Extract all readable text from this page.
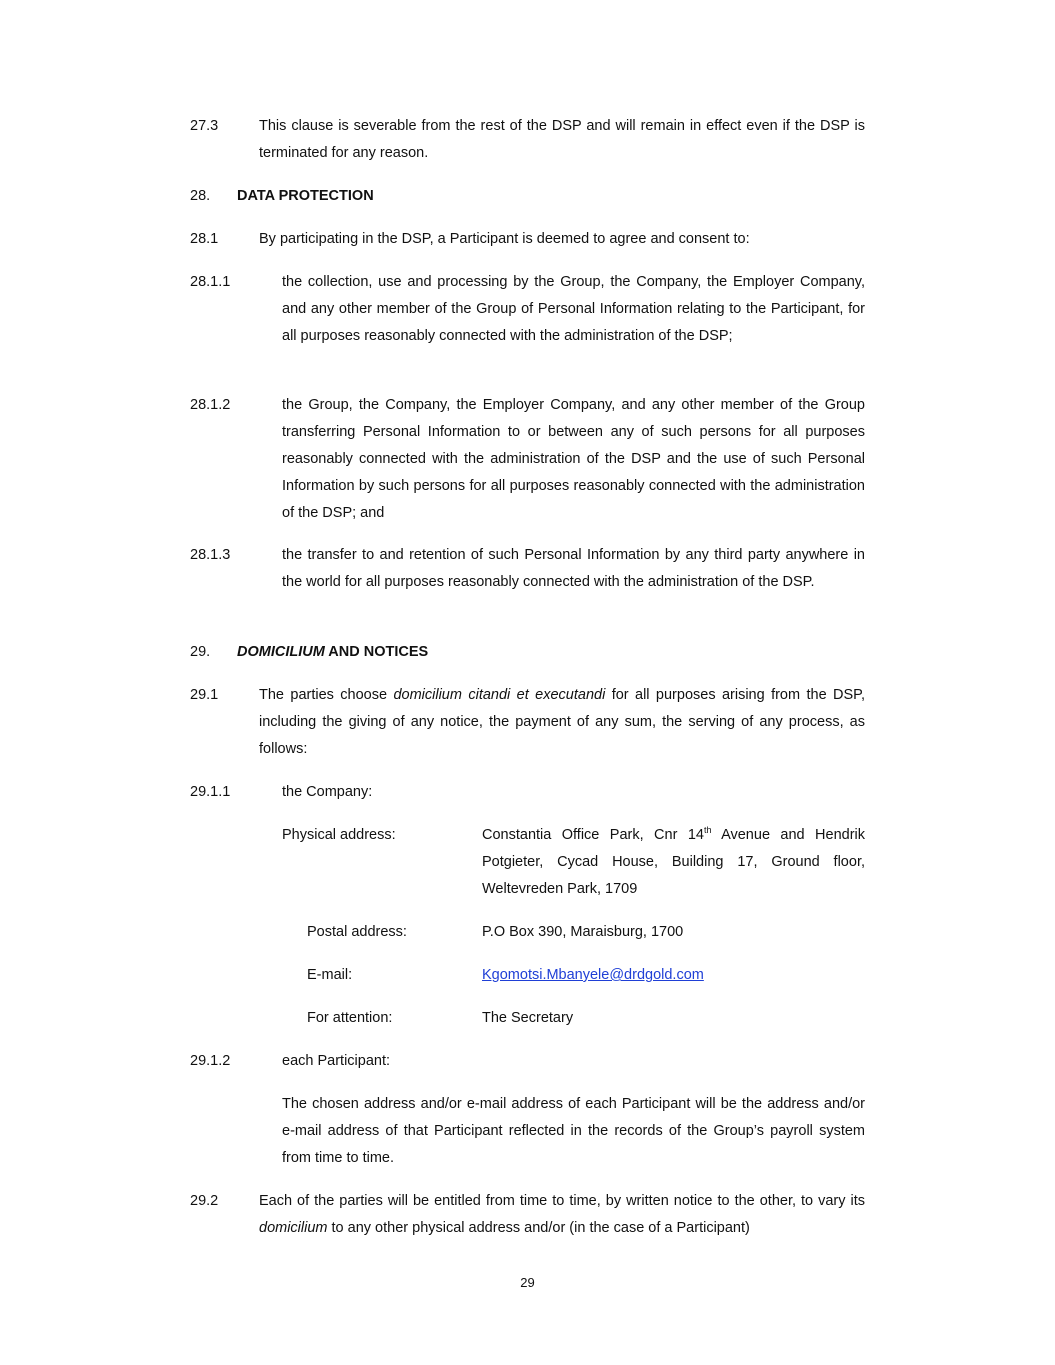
27.3	This clause is severable from the rest of the DSP and will remain in effect even if the DSP is terminated for any reason.
28. DATA PROTECTION
28.1	By participating in the DSP, a Participant is deemed to agree and consent to:
28.1.1	the collection, use and processing by the Group, the Company, the Employer Company, and any other member of the Group of Personal Information relating to the Participant, for all purposes reasonably connected with the administration of the DSP;
28.1.2	the Group, the Company, the Employer Company, and any other member of the Group transferring Personal Information to or between any of such persons for all purposes reasonably connected with the administration of the DSP and the use of such Personal Information by such persons for all purposes reasonably connected with the administration of the DSP; and
28.1.3	the transfer to and retention of such Personal Information by any third party anywhere in the world for all purposes reasonably connected with the administration of the DSP.
29. DOMICILIUM AND NOTICES
29.1	The parties choose domicilium citandi et executandi for all purposes arising from the DSP, including the giving of any notice, the payment of any sum, the serving of any process, as follows:
29.1.1	the Company:
Physical address:	Constantia Office Park, Cnr 14th Avenue and Hendrik Potgieter, Cycad House, Building 17, Ground floor, Weltevreden Park, 1709
Postal address:	P.O Box 390, Maraisburg, 1700
E-mail:	Kgomotsi.Mbanyele@drdgold.com
For attention:	The Secretary
29.1.2	each Participant:
The chosen address and/or e-mail address of each Participant will be the address and/or e-mail address of that Participant reflected in the records of the Group’s payroll system from time to time.
29.2	Each of the parties will be entitled from time to time, by written notice to the other, to vary its domicilium to any other physical address and/or (in the case of a Participant)
29
